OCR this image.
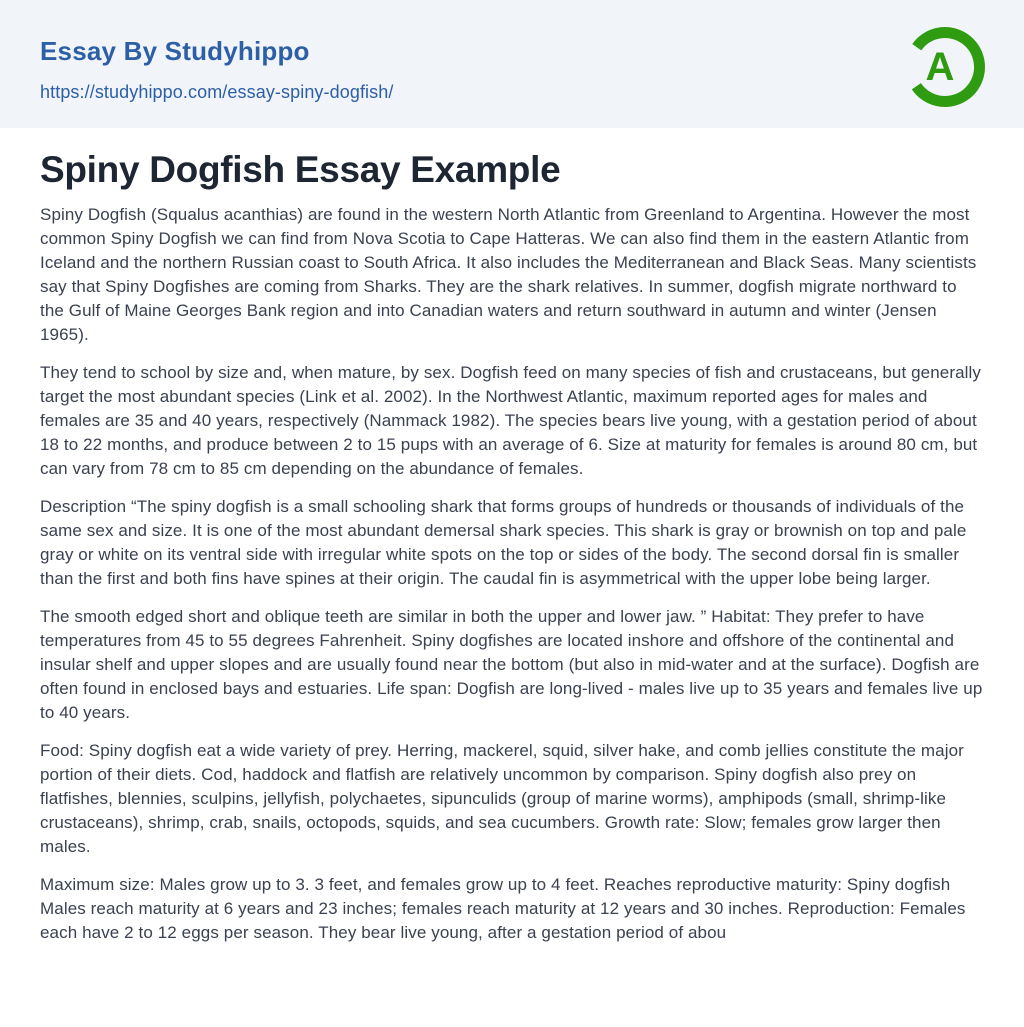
Essay By Studyhippo
https://studyhippo.com/essay-spiny-dogfish/
A
Spiny Dogfish Essay Example

Spiny Dogfish (Squalus acanthias) are found in the western North Atlantic from Greenland to Argentina. However the most common Spiny Dogfish we can find from Nova Scotia to Cape Hatteras. We can also find them in the eastern Atlantic from Iceland and the northern Russian coast to South Africa. It also includes the Mediterranean and Black Seas. Many scientists say that Spiny Dogfishes are coming from Sharks. They are the shark relatives. In summer, dogfish migrate northward to the Gulf of Maine Georges Bank region and into Canadian waters and return southward in autumn and winter (Jensen 1965).

They tend to school by size and, when mature, by sex. Dogfish feed on many species of fish and crustaceans, but generally target the most abundant species (Link et al. 2002). In the Northwest Atlantic, maximum reported ages for males and females are 35 and 40 years, respectively (Nammack 1982). The species bears live young, with a gestation period of about 18 to 22 months, and produce between 2 to 15 pups with an average of 6. Size at maturity for females is around 80 cm, but can vary from 78 cm to 85 cm depending on the abundance of females.

Description “The spiny dogfish is a small schooling shark that forms groups of hundreds or thousands of individuals of the same sex and size. It is one of the most abundant demersal shark species. This shark is gray or brownish on top and pale gray or white on its ventral side with irregular white spots on the top or sides of the body. The second dorsal fin is smaller than the first and both fins have spines at their origin. The caudal fin is asymmetrical with the upper lobe being larger.

The smooth edged short and oblique teeth are similar in both the upper and lower jaw. ” Habitat: They prefer to have temperatures from 45 to 55 degrees Fahrenheit. Spiny dogfishes are located inshore and offshore of the continental and insular shelf and upper slopes and are usually found near the bottom (but also in mid-water and at the surface). Dogfish are often found in enclosed bays and estuaries. Life span: Dogfish are long-lived - males live up to 35 years and females live up to 40 years.

Food: Spiny dogfish eat a wide variety of prey. Herring, mackerel, squid, silver hake, and comb jellies constitute the major portion of their diets. Cod, haddock and flatfish are relatively uncommon by comparison. Spiny dogfish also prey on flatfishes, blennies, sculpins, jellyfish, polychaetes, sipunculids (group of marine worms), amphipods (small, shrimp-like crustaceans), shrimp, crab, snails, octopods, squids, and sea cucumbers. Growth rate: Slow; females grow larger then males.

Maximum size: Males grow up to 3. 3 feet, and females grow up to 4 feet. Reaches reproductive maturity: Spiny dogfish Males reach maturity at 6 years and 23 inches; females reach maturity at 12 years and 30 inches. Reproduction: Females each have 2 to 12 eggs per season. They bear live young, after a gestation period of abou
